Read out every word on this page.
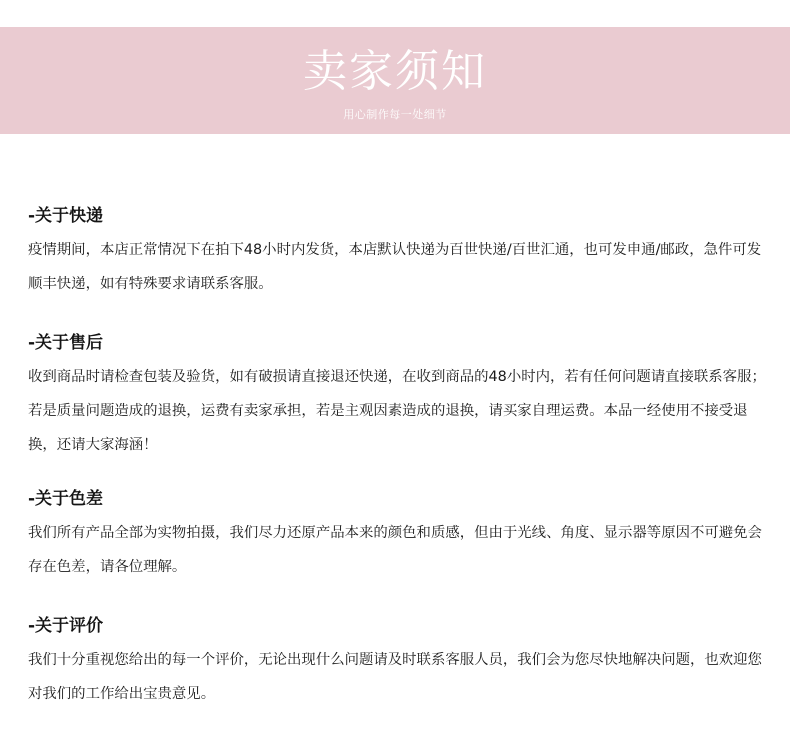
卖家须知
用心制作每一处细节
-关于快递

疫情期间，本店正常情况下在拍下48小时内发货，本店默认快递为百世快递/百世汇通，也可发申通/邮政，急件可发顺丰快递，如有特殊要求请联系客服。

-关于售后

收到商品时请检查包装及验货，如有破损请直接退还快递，在收到商品的48小时内，若有任何问题请直接联系客服；若是质量问题造成的退换，运费有卖家承担，若是主观因素造成的退换，请买家自理运费。本品一经使用不接受退换，还请大家海涵！

-关于色差

我们所有产品全部为实物拍摄，我们尽力还原产品本来的颜色和质感，但由于光线、角度、显示器等原因不可避免会存在色差，请各位理解。

-关于评价

我们十分重视您给出的每一个评价，无论出现什么问题请及时联系客服人员，我们会为您尽快地解决问题，也欢迎您对我们的工作给出宝贵意见。
